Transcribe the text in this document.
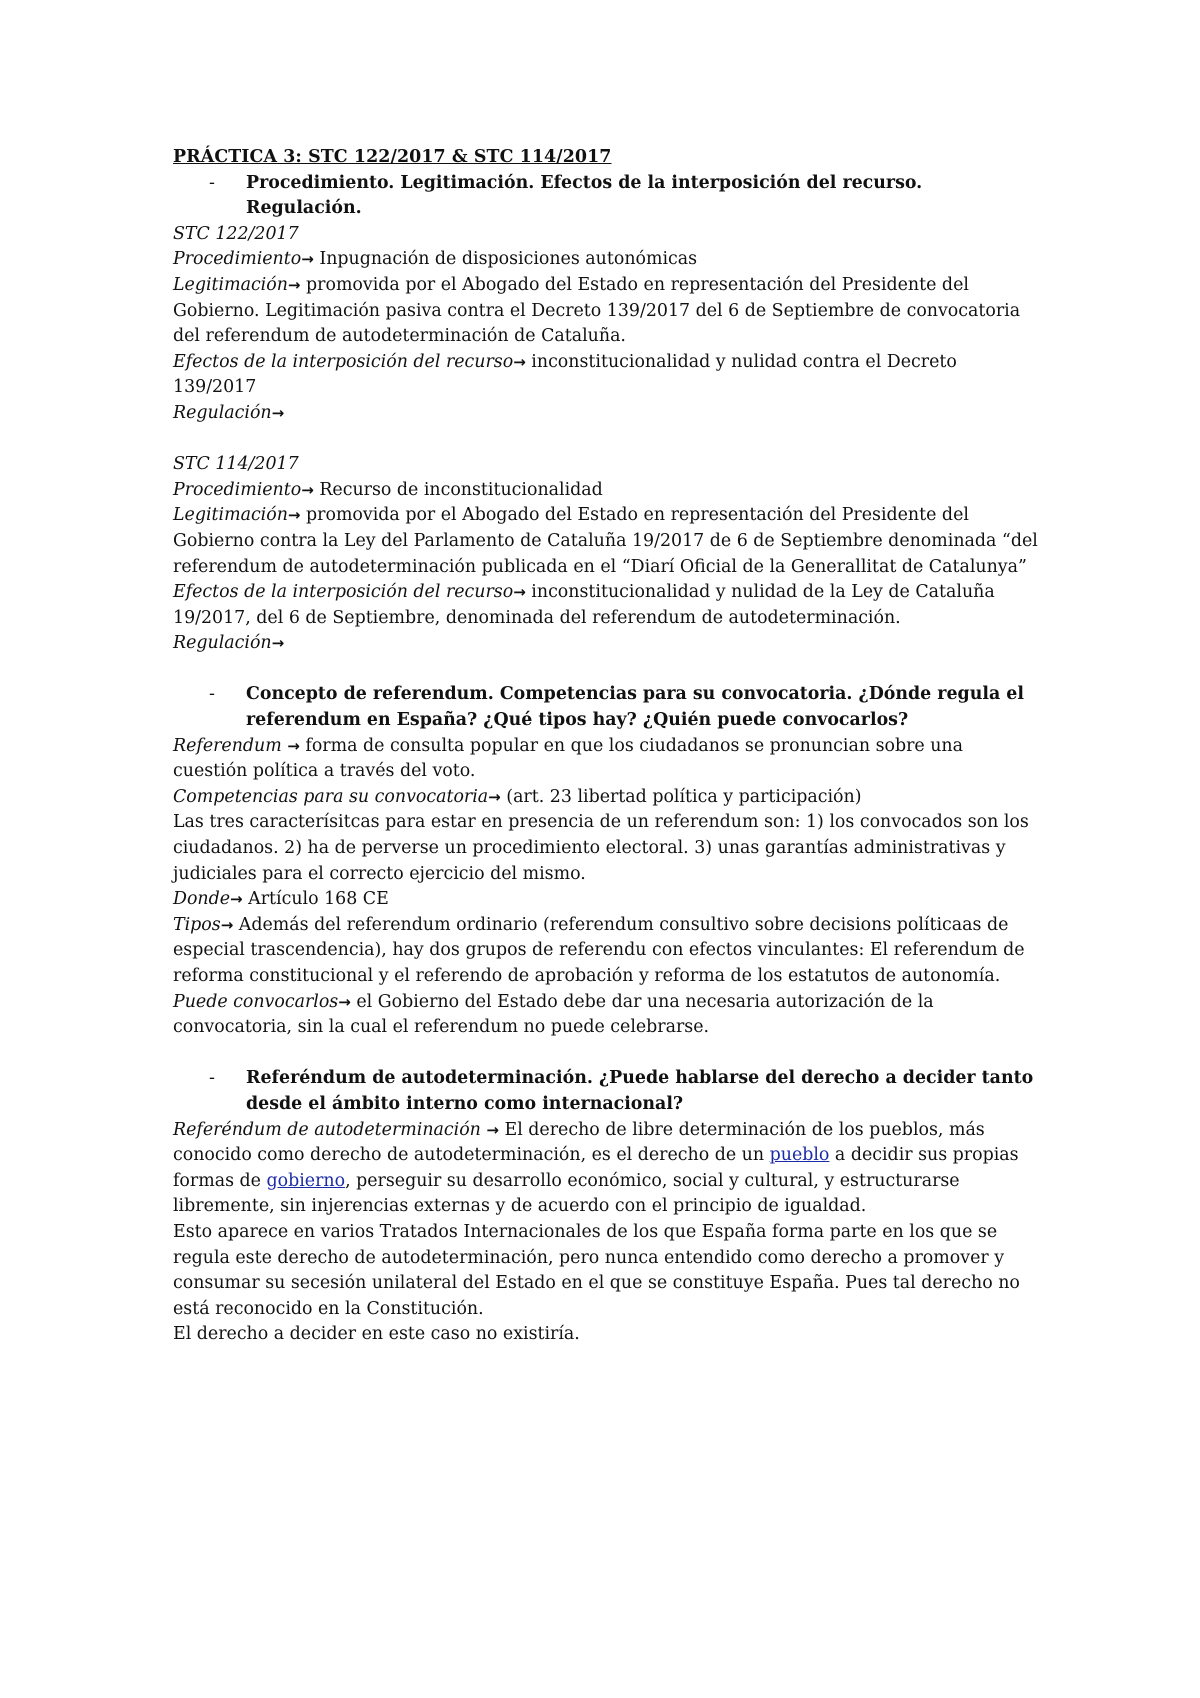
PRÁCTICA 3: STC 122/2017 & STC 114/2017

- Procedimiento. Legitimación. Efectos de la interposición del recurso. Regulación.

STC 122/2017

Procedimiento→ Inpugnación de disposiciones autonómicas

Legitimación→ promovida por el Abogado del Estado en representación del Presidente del Gobierno. Legitimación pasiva contra el Decreto 139/2017 del 6 de Septiembre de convocatoria del referendum de autodeterminación de Cataluña.

Efectos de la interposición del recurso→ inconstitucionalidad y nulidad contra el Decreto 139/2017

Regulación→

STC 114/2017

Procedimiento→ Recurso de inconstitucionalidad

Legitimación→ promovida por el Abogado del Estado en representación del Presidente del Gobierno contra la Ley del Parlamento de Cataluña 19/2017 de 6 de Septiembre denominada “del referendum de autodeterminación publicada en el “Diarí Oficial de la Generallitat de Catalunya”

Efectos de la interposición del recurso→ inconstitucionalidad y nulidad de la Ley de Cataluña 19/2017, del 6 de Septiembre, denominada del referendum de autodeterminación.

Regulación→

- Concepto de referendum. Competencias para su convocatoria. ¿Dónde regula el referendum en España? ¿Qué tipos hay? ¿Quién puede convocarlos?

Referendum → forma de consulta popular en que los ciudadanos se pronuncian sobre una cuestión política a través del voto.

Competencias para su convocatoria→ (art. 23 libertad política y participación)

Las tres caracterísitcas para estar en presencia de un referendum son: 1) los convocados son los ciudadanos. 2) ha de perverse un procedimiento electoral. 3) unas garantías administrativas y judiciales para el correcto ejercicio del mismo.

Donde→ Artículo 168 CE

Tipos→ Además del referendum ordinario (referendum consultivo sobre decisions políticaas de especial trascendencia), hay dos grupos de referendu con efectos vinculantes: El referendum de reforma constitucional y el referendo de aprobación y reforma de los estatutos de autonomía.

Puede convocarlos→ el Gobierno del Estado debe dar una necesaria autorización de la convocatoria, sin la cual el referendum no puede celebrarse.

- Referéndum de autodeterminación. ¿Puede hablarse del derecho a decider tanto desde el ámbito interno como internacional?

Referéndum de autodeterminación → El derecho de libre determinación de los pueblos, más conocido como derecho de autodeterminación, es el derecho de un pueblo a decidir sus propias formas de gobierno, perseguir su desarrollo económico, social y cultural, y estructurarse libremente, sin injerencias externas y de acuerdo con el principio de igualdad.

Esto aparece en varios Tratados Internacionales de los que España forma parte en los que se regula este derecho de autodeterminación, pero nunca entendido como derecho a promover y consumar su secesión unilateral del Estado en el que se constituye España. Pues tal derecho no está reconocido en la Constitución.

El derecho a decider en este caso no existiría.
